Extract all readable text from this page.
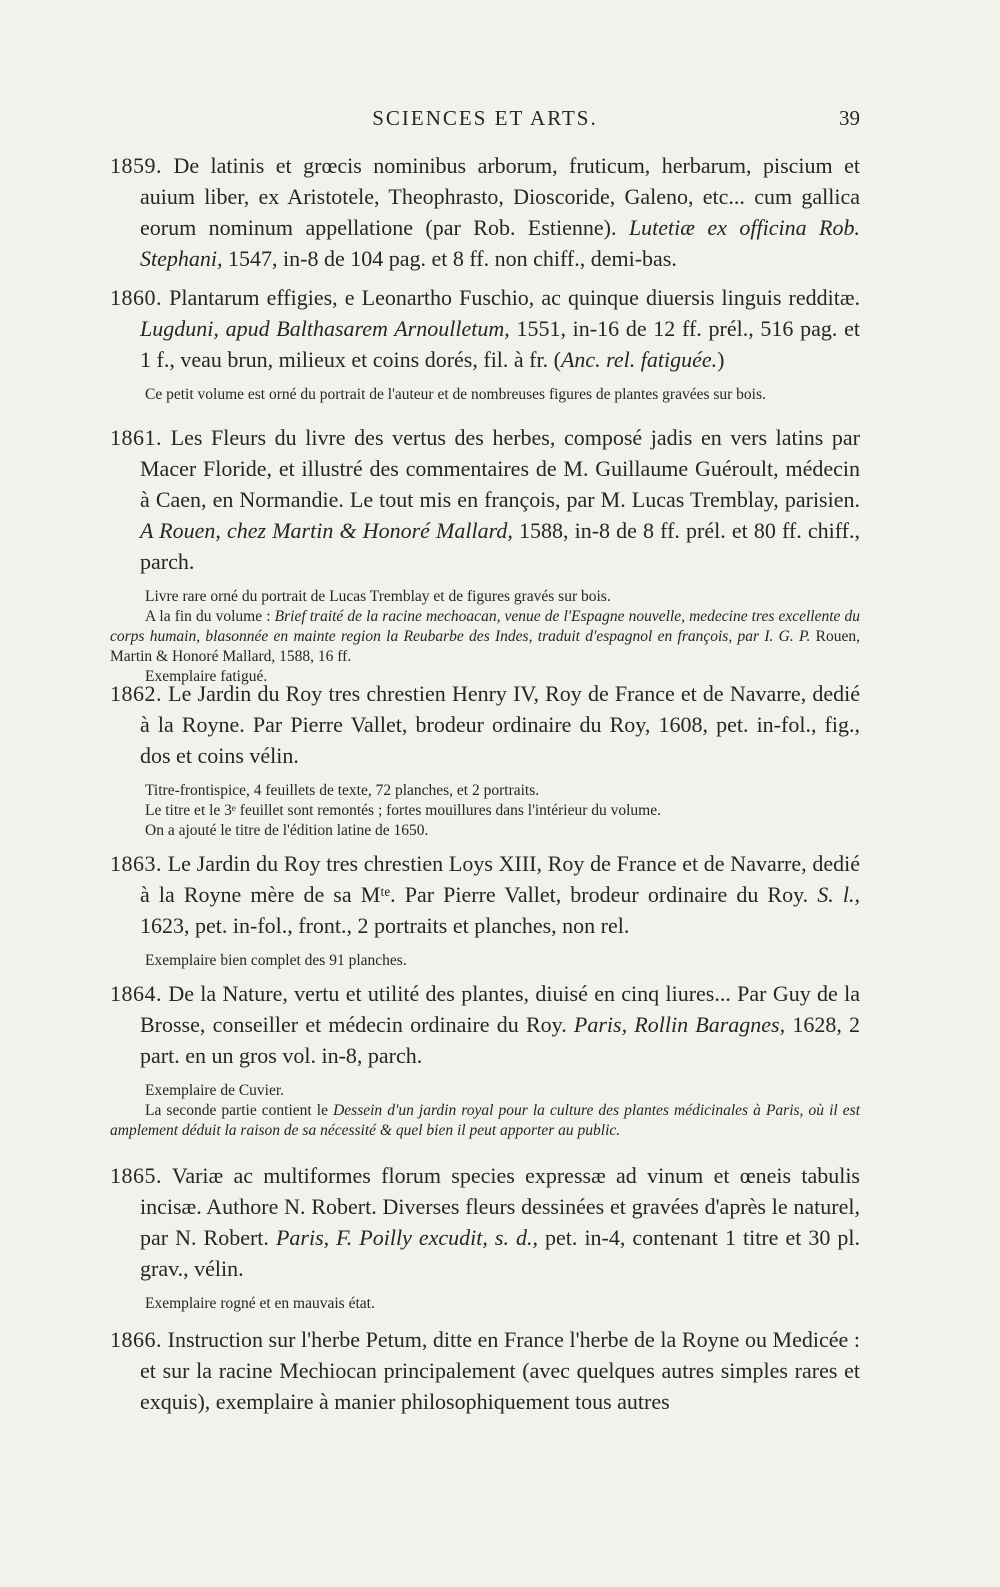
SCIENCES ET ARTS.	39
1859. De latinis et grœcis nominibus arborum, fruticum, herbarum, piscium et auium liber, ex Aristotele, Theophrasto, Dioscoride, Galeno, etc... cum gallica eorum nominum appellatione (par Rob. Estienne). Lutetiæ ex officina Rob. Stephani, 1547, in-8 de 104 pag. et 8 ff. non chiff., demi-bas.
1860. Plantarum effigies, e Leonartho Fuschio, ac quinque diuersis linguis redditæ. Lugduni, apud Balthasarem Arnoulletum, 1551, in-16 de 12 ff. prél., 516 pag. et 1 f., veau brun, milieux et coins dorés, fil. à fr. (Anc. rel. fatiguée.)
Ce petit volume est orné du portrait de l'auteur et de nombreuses figures de plantes gravées sur bois.
1861. Les Fleurs du livre des vertus des herbes, composé jadis en vers latins par Macer Floride, et illustré des commentaires de M. Guillaume Guéroult, médecin à Caen, en Normandie. Le tout mis en françois, par M. Lucas Tremblay, parisien. A Rouen, chez Martin & Honoré Mallard, 1588, in-8 de 8 ff. prél. et 80 ff. chiff., parch.
Livre rare orné du portrait de Lucas Tremblay et de figures gravés sur bois.
A la fin du volume : Brief traité de la racine mechoacan, venue de l'Espagne nouvelle, medecine tres excellente du corps humain, blasonnée en mainte region la Reubarbe des Indes, traduit d'espagnol en françois, par I. G. P. Rouen, Martin & Honoré Mallard, 1588, 16 ff.
Exemplaire fatigué.
1862. Le Jardin du Roy tres chrestien Henry IV, Roy de France et de Navarre, dedié à la Royne. Par Pierre Vallet, brodeur ordinaire du Roy, 1608, pet. in-fol., fig., dos et coins vélin.
Titre-frontispice, 4 feuillets de texte, 72 planches, et 2 portraits.
Le titre et le 3ᵉ feuillet sont remontés ; fortes mouillures dans l'intérieur du volume.
On a ajouté le titre de l'édition latine de 1650.
1863. Le Jardin du Roy tres chrestien Loys XIII, Roy de France et de Navarre, dedié à la Royne mère de sa Mᵗᵉ. Par Pierre Vallet, brodeur ordinaire du Roy. S. l., 1623, pet. in-fol., front., 2 portraits et planches, non rel.
Exemplaire bien complet des 91 planches.
1864. De la Nature, vertu et utilité des plantes, diuisé en cinq liures... Par Guy de la Brosse, conseiller et médecin ordinaire du Roy. Paris, Rollin Baragnes, 1628, 2 part. en un gros vol. in-8, parch.
Exemplaire de Cuvier.
La seconde partie contient le Dessein d'un jardin royal pour la culture des plantes médicinales à Paris, où il est amplement déduit la raison de sa nécessité & quel bien il peut apporter au public.
1865. Variæ ac multiformes florum species expressæ ad vinum et œneis tabulis incisæ. Authore N. Robert. Diverses fleurs dessinées et gravées d'après le naturel, par N. Robert. Paris, F. Poilly excudit, s. d., pet. in-4, contenant 1 titre et 30 pl. grav., vélin.
Exemplaire rogné et en mauvais état.
1866. Instruction sur l'herbe Petum, ditte en France l'herbe de la Royne ou Medicée : et sur la racine Mechiocan principalement (avec quelques autres simples rares et exquis), exemplaire à manier philosophiquement tous autres
